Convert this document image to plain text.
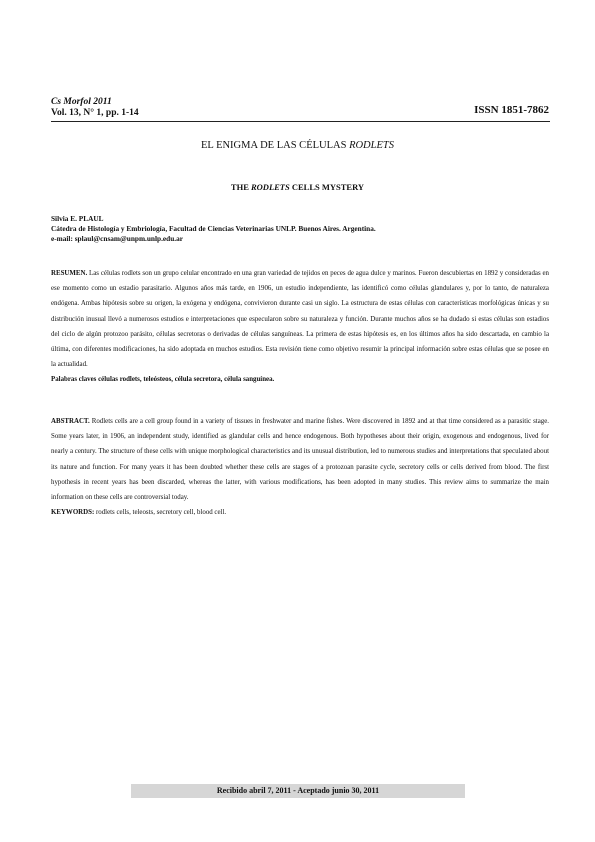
Cs Morfol 2011
Vol. 13, N° 1, pp. 1-14	ISSN 1851-7862
EL ENIGMA DE LAS CÉLULAS RODLETS
THE RODLETS CELLS MYSTERY
Silvia E. PLAUL
Cátedra de Histología y Embriología, Facultad de Ciencias Veterinarias UNLP. Buenos Aires. Argentina.
e-mail: splaul@cnsam@unpm.unlp.edu.ar
RESUMEN. Las células rodlets son un grupo celular encontrado en una gran variedad de tejidos en peces de agua dulce y marinos. Fueron descubiertas en 1892 y consideradas en ese momento como un estadio parasitario. Algunos años más tarde, en 1906, un estudio independiente, las identificó como células glandulares y, por lo tanto, de naturaleza endógena. Ambas hipótesis sobre su origen, la exógena y endógena, convivieron durante casi un siglo. La estructura de estas células con características morfológicas únicas y su distribución inusual llevó a numerosos estudios e interpretaciones que especularon sobre su naturaleza y función. Durante muchos años se ha dudado si estas células son estadios del ciclo de algún protozoo parásito, células secretoras o derivadas de células sanguíneas. La primera de estas hipótesis es, en los últimos años ha sido descartada, en cambio la última, con diferentes modificaciones, ha sido adoptada en muchos estudios. Esta revisión tiene como objetivo resumir la principal información sobre estas células que se posee en la actualidad.
Palabras claves células rodlets, teleósteos, célula secretora, célula sanguínea.
ABSTRACT. Rodlets cells are a cell group found in a variety of tissues in freshwater and marine fishes. Were discovered in 1892 and at that time considered as a parasitic stage. Some years later, in 1906, an independent study, identified as glandular cells and hence endogenous. Both hypotheses about their origin, exogenous and endogenous, lived for nearly a century. The structure of these cells with unique morphological characteristics and its unusual distribution, led to numerous studies and interpretations that speculated about its nature and function. For many years it has been doubted whether these cells are stages of a protozoan parasite cycle, secretory cells or cells derived from blood. The first hypothesis in recent years has been discarded, whereas the latter, with various modifications, has been adopted in many studies. This review aims to summarize the main information on these cells are controversial today.
KEYWORDS: rodlets cells, teleosts, secretory cell, blood cell.
Recibido abril 7, 2011 - Aceptado junio 30, 2011
